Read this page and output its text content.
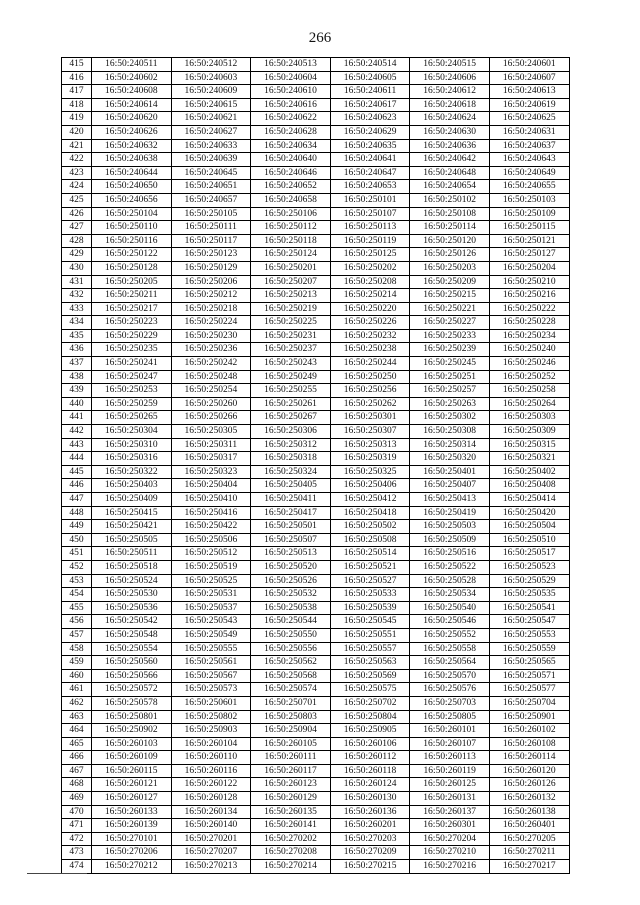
266
415	16:50:240511	16:50:240512	16:50:240513	16:50:240514	16:50:240515	16:50:240601
416	16:50:240602	16:50:240603	16:50:240604	16:50:240605	16:50:240606	16:50:240607
417	16:50:240608	16:50:240609	16:50:240610	16:50:240611	16:50:240612	16:50:240613
418	16:50:240614	16:50:240615	16:50:240616	16:50:240617	16:50:240618	16:50:240619
419	16:50:240620	16:50:240621	16:50:240622	16:50:240623	16:50:240624	16:50:240625
420	16:50:240626	16:50:240627	16:50:240628	16:50:240629	16:50:240630	16:50:240631
421	16:50:240632	16:50:240633	16:50:240634	16:50:240635	16:50:240636	16:50:240637
422	16:50:240638	16:50:240639	16:50:240640	16:50:240641	16:50:240642	16:50:240643
423	16:50:240644	16:50:240645	16:50:240646	16:50:240647	16:50:240648	16:50:240649
424	16:50:240650	16:50:240651	16:50:240652	16:50:240653	16:50:240654	16:50:240655
425	16:50:240656	16:50:240657	16:50:240658	16:50:250101	16:50:250102	16:50:250103
426	16:50:250104	16:50:250105	16:50:250106	16:50:250107	16:50:250108	16:50:250109
427	16:50:250110	16:50:250111	16:50:250112	16:50:250113	16:50:250114	16:50:250115
428	16:50:250116	16:50:250117	16:50:250118	16:50:250119	16:50:250120	16:50:250121
429	16:50:250122	16:50:250123	16:50:250124	16:50:250125	16:50:250126	16:50:250127
430	16:50:250128	16:50:250129	16:50:250201	16:50:250202	16:50:250203	16:50:250204
431	16:50:250205	16:50:250206	16:50:250207	16:50:250208	16:50:250209	16:50:250210
432	16:50:250211	16:50:250212	16:50:250213	16:50:250214	16:50:250215	16:50:250216
433	16:50:250217	16:50:250218	16:50:250219	16:50:250220	16:50:250221	16:50:250222
434	16:50:250223	16:50:250224	16:50:250225	16:50:250226	16:50:250227	16:50:250228
435	16:50:250229	16:50:250230	16:50:250231	16:50:250232	16:50:250233	16:50:250234
436	16:50:250235	16:50:250236	16:50:250237	16:50:250238	16:50:250239	16:50:250240
437	16:50:250241	16:50:250242	16:50:250243	16:50:250244	16:50:250245	16:50:250246
438	16:50:250247	16:50:250248	16:50:250249	16:50:250250	16:50:250251	16:50:250252
439	16:50:250253	16:50:250254	16:50:250255	16:50:250256	16:50:250257	16:50:250258
440	16:50:250259	16:50:250260	16:50:250261	16:50:250262	16:50:250263	16:50:250264
441	16:50:250265	16:50:250266	16:50:250267	16:50:250301	16:50:250302	16:50:250303
442	16:50:250304	16:50:250305	16:50:250306	16:50:250307	16:50:250308	16:50:250309
443	16:50:250310	16:50:250311	16:50:250312	16:50:250313	16:50:250314	16:50:250315
444	16:50:250316	16:50:250317	16:50:250318	16:50:250319	16:50:250320	16:50:250321
445	16:50:250322	16:50:250323	16:50:250324	16:50:250325	16:50:250401	16:50:250402
446	16:50:250403	16:50:250404	16:50:250405	16:50:250406	16:50:250407	16:50:250408
447	16:50:250409	16:50:250410	16:50:250411	16:50:250412	16:50:250413	16:50:250414
448	16:50:250415	16:50:250416	16:50:250417	16:50:250418	16:50:250419	16:50:250420
449	16:50:250421	16:50:250422	16:50:250501	16:50:250502	16:50:250503	16:50:250504
450	16:50:250505	16:50:250506	16:50:250507	16:50:250508	16:50:250509	16:50:250510
451	16:50:250511	16:50:250512	16:50:250513	16:50:250514	16:50:250516	16:50:250517
452	16:50:250518	16:50:250519	16:50:250520	16:50:250521	16:50:250522	16:50:250523
453	16:50:250524	16:50:250525	16:50:250526	16:50:250527	16:50:250528	16:50:250529
454	16:50:250530	16:50:250531	16:50:250532	16:50:250533	16:50:250534	16:50:250535
455	16:50:250536	16:50:250537	16:50:250538	16:50:250539	16:50:250540	16:50:250541
456	16:50:250542	16:50:250543	16:50:250544	16:50:250545	16:50:250546	16:50:250547
457	16:50:250548	16:50:250549	16:50:250550	16:50:250551	16:50:250552	16:50:250553
458	16:50:250554	16:50:250555	16:50:250556	16:50:250557	16:50:250558	16:50:250559
459	16:50:250560	16:50:250561	16:50:250562	16:50:250563	16:50:250564	16:50:250565
460	16:50:250566	16:50:250567	16:50:250568	16:50:250569	16:50:250570	16:50:250571
461	16:50:250572	16:50:250573	16:50:250574	16:50:250575	16:50:250576	16:50:250577
462	16:50:250578	16:50:250601	16:50:250701	16:50:250702	16:50:250703	16:50:250704
463	16:50:250801	16:50:250802	16:50:250803	16:50:250804	16:50:250805	16:50:250901
464	16:50:250902	16:50:250903	16:50:250904	16:50:250905	16:50:260101	16:50:260102
465	16:50:260103	16:50:260104	16:50:260105	16:50:260106	16:50:260107	16:50:260108
466	16:50:260109	16:50:260110	16:50:260111	16:50:260112	16:50:260113	16:50:260114
467	16:50:260115	16:50:260116	16:50:260117	16:50:260118	16:50:260119	16:50:260120
468	16:50:260121	16:50:260122	16:50:260123	16:50:260124	16:50:260125	16:50:260126
469	16:50:260127	16:50:260128	16:50:260129	16:50:260130	16:50:260131	16:50:260132
470	16:50:260133	16:50:260134	16:50:260135	16:50:260136	16:50:260137	16:50:260138
471	16:50:260139	16:50:260140	16:50:260141	16:50:260201	16:50:260301	16:50:260401
472	16:50:270101	16:50:270201	16:50:270202	16:50:270203	16:50:270204	16:50:270205
473	16:50:270206	16:50:270207	16:50:270208	16:50:270209	16:50:270210	16:50:270211
474	16:50:270212	16:50:270213	16:50:270214	16:50:270215	16:50:270216	16:50:270217
